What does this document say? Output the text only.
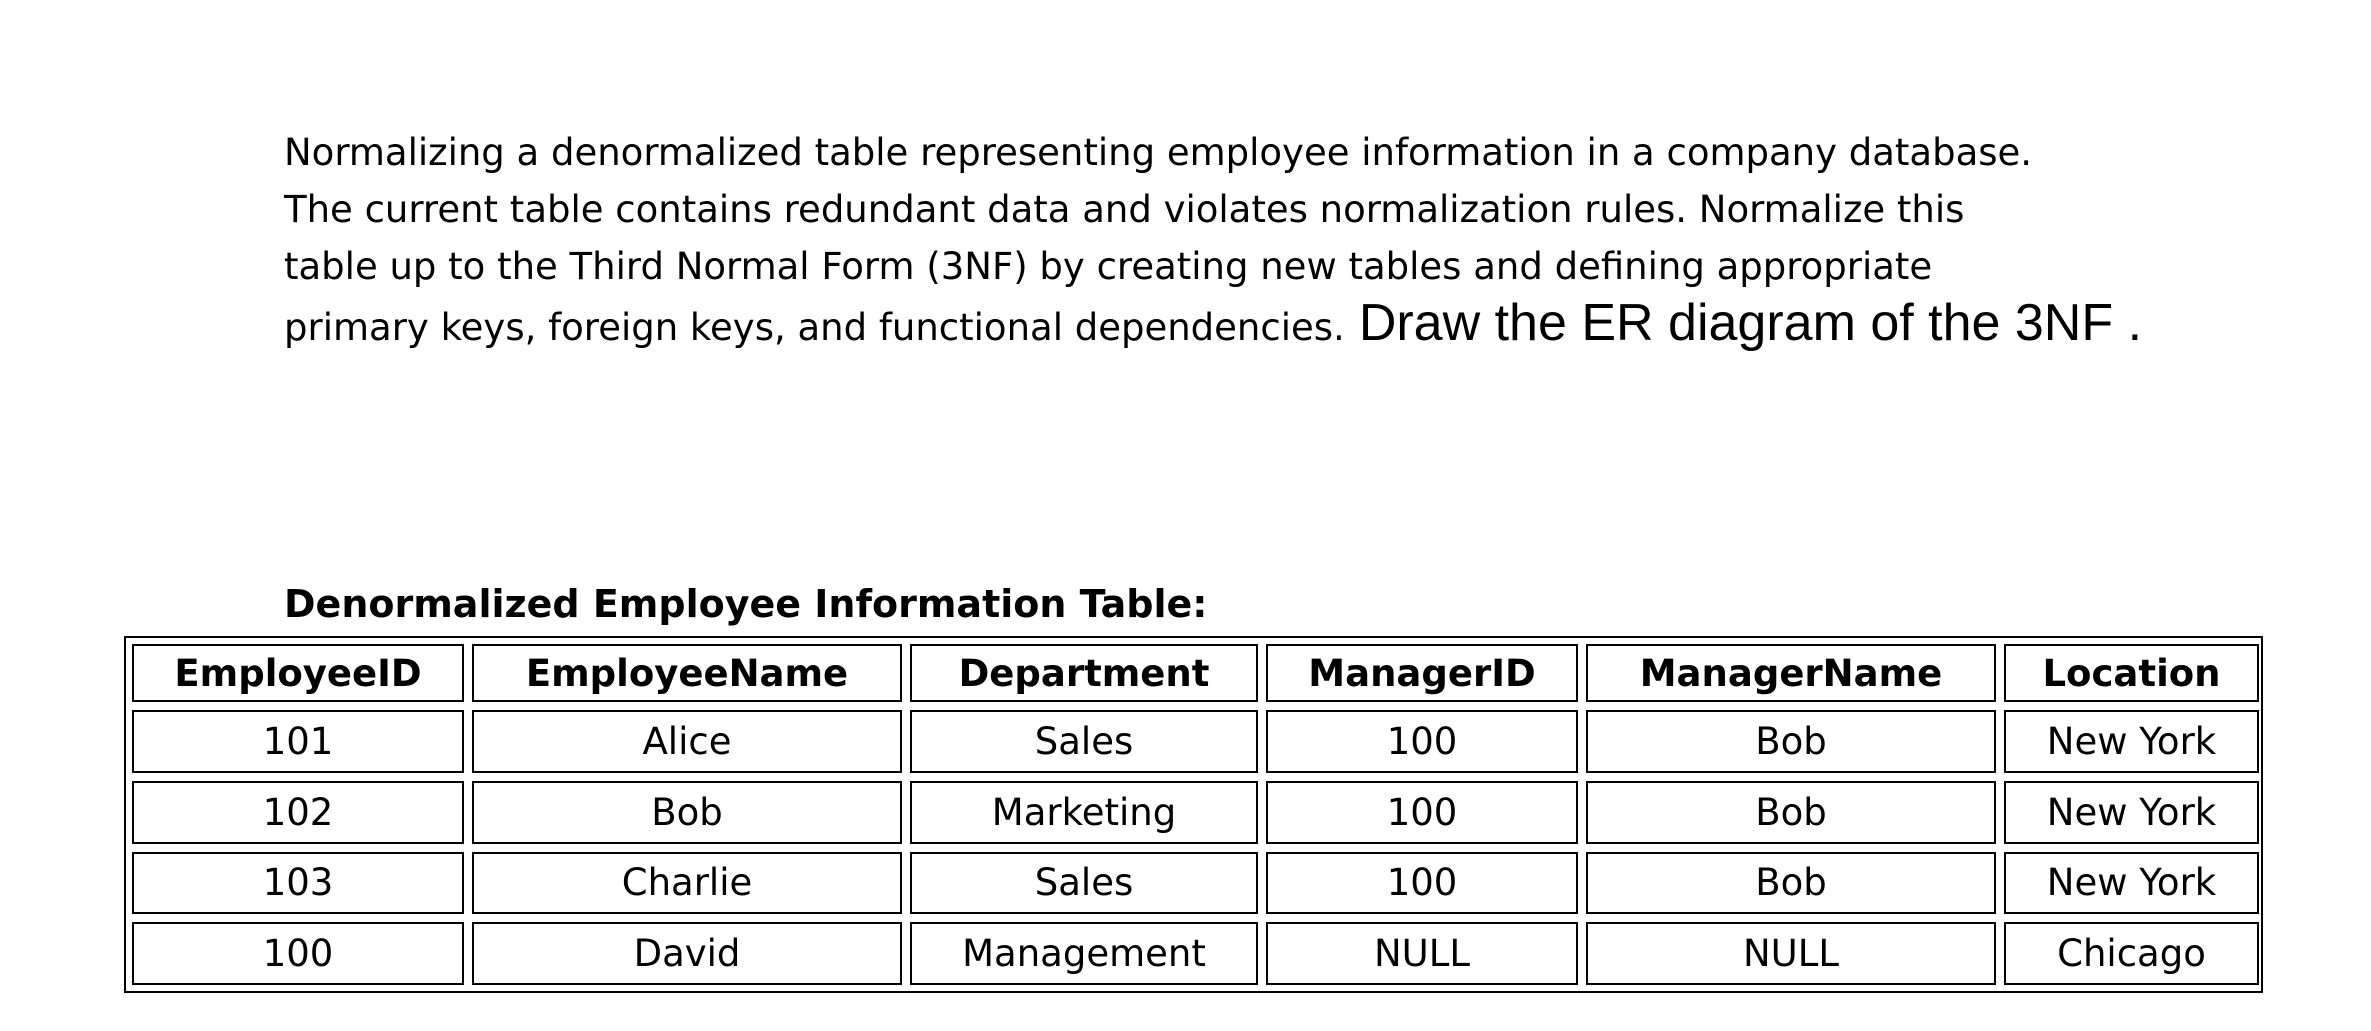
Normalizing a denormalized table representing employee information in a company database.
The current table contains redundant data and violates normalization rules. Normalize this
table up to the Third Normal Form (3NF) by creating new tables and defining appropriate
primary keys, foreign keys, and functional dependencies. Draw the ER diagram of the 3NF .
Denormalized Employee Information Table:
EmployeeID	EmployeeName	Department	ManagerID	ManagerName	Location
101	Alice	Sales	100	Bob	New York
102	Bob	Marketing	100	Bob	New York
103	Charlie	Sales	100	Bob	New York
100	David	Management	NULL	NULL	Chicago
